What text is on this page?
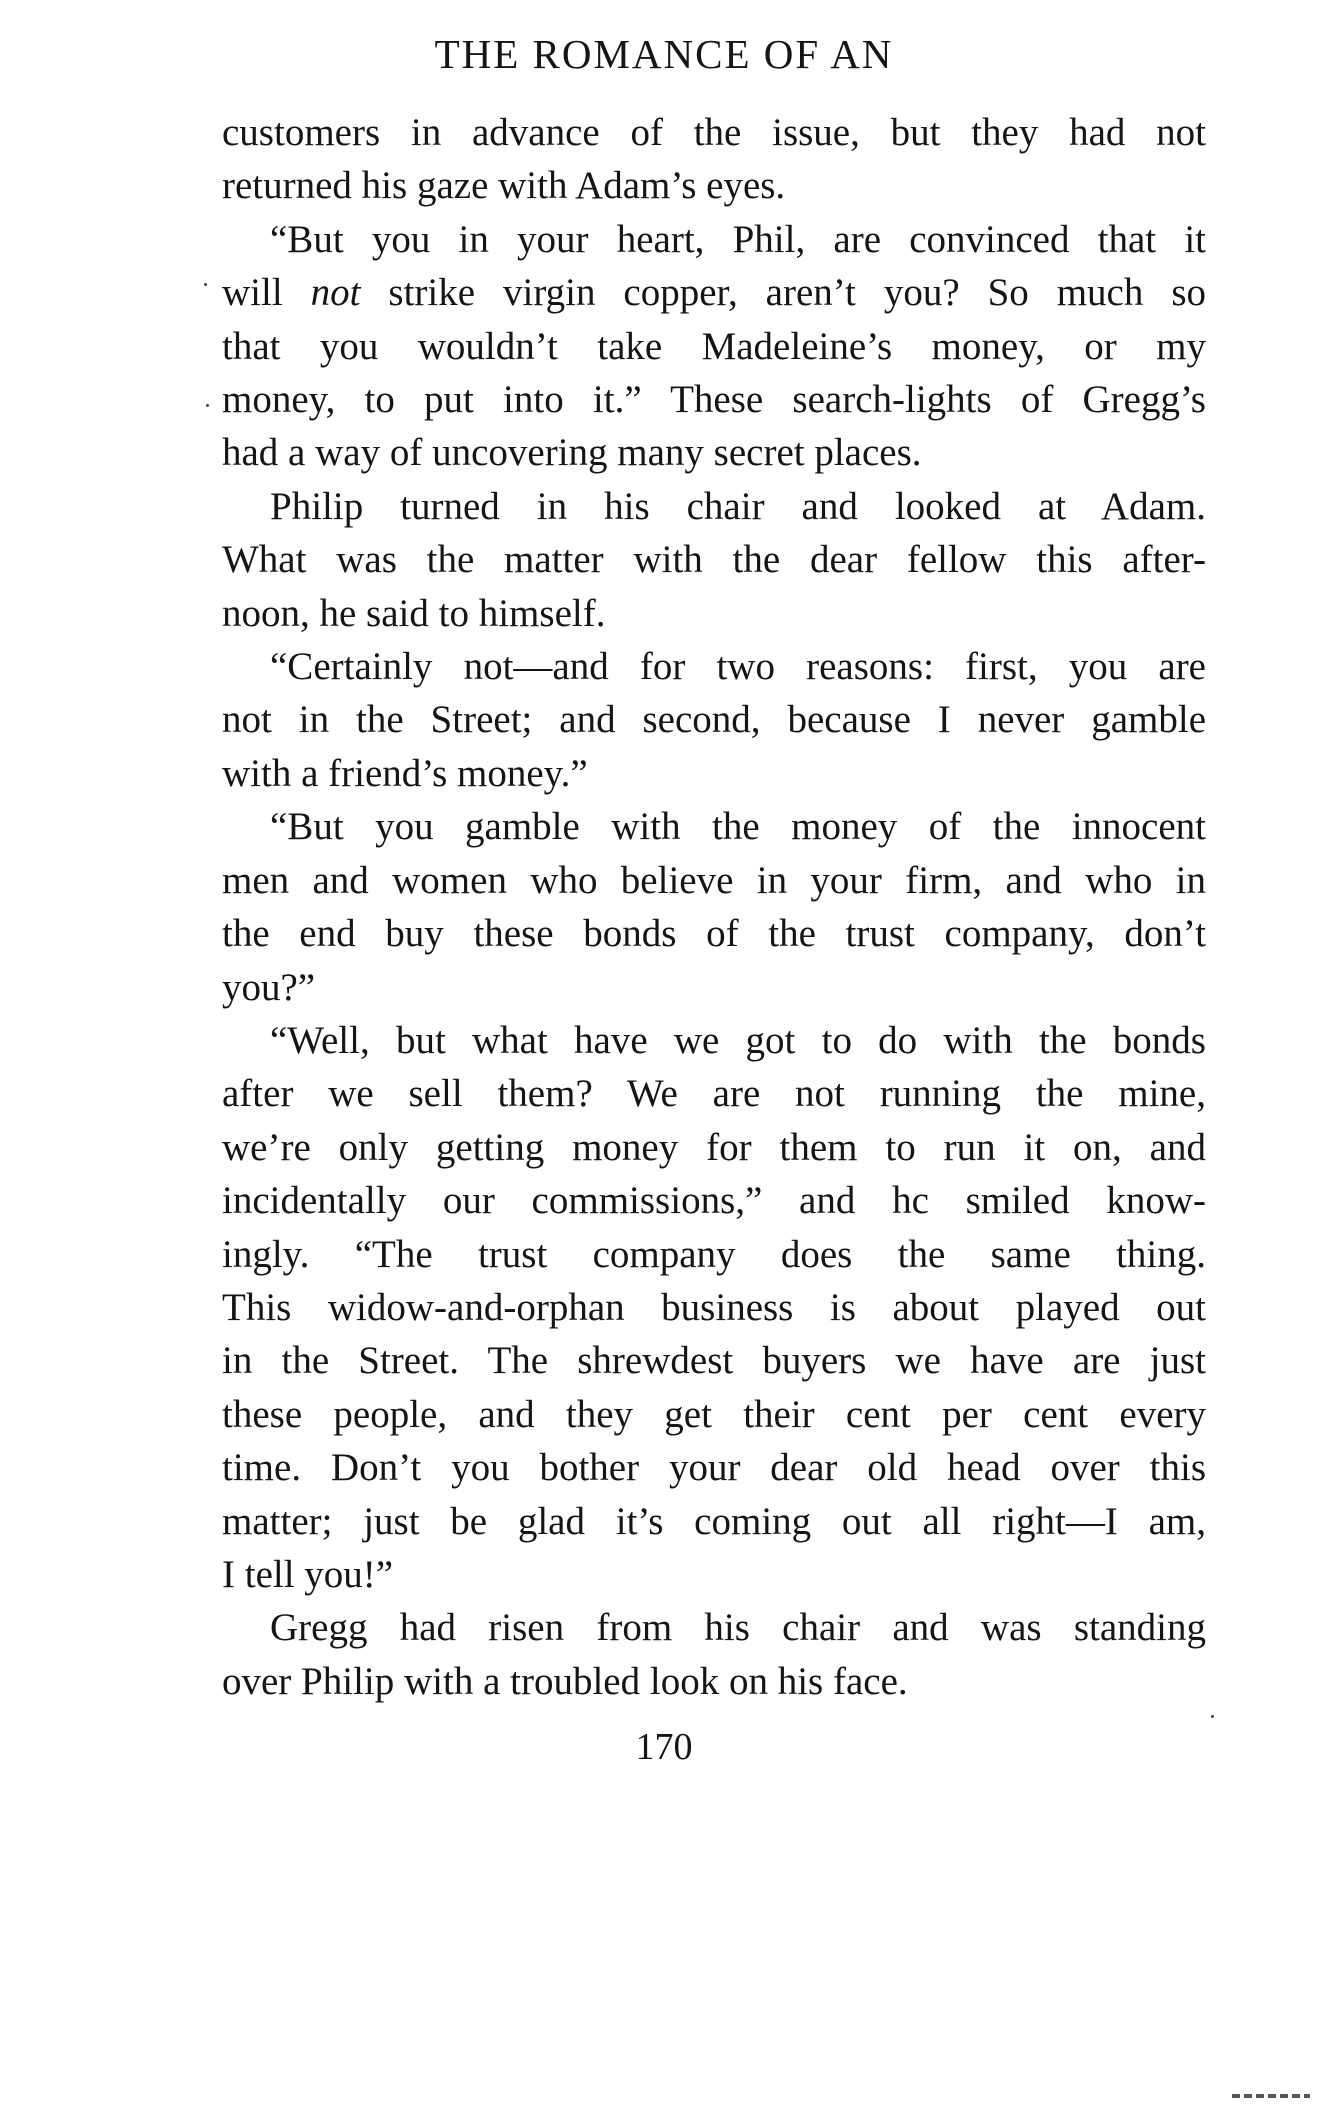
THE ROMANCE OF AN

customers in advance of the issue, but they had not
returned his gaze with Adam’s eyes.

“But you in your heart, Phil, are convinced that it
will not strike virgin copper, aren’t you? So much so
that you wouldn’t take Madeleine’s money, or my
money, to put into it.” These search-lights of Gregg’s
had a way of uncovering many secret places.

Philip turned in his chair and looked at Adam.
What was the matter with the dear fellow this after-
noon, he said to himself.

“Certainly not—and for two reasons: first, you are
not in the Street; and second, because I never gamble
with a friend’s money.”

“But you gamble with the money of the innocent
men and women who believe in your firm, and who in
the end buy these bonds of the trust company, don’t
you?”

“Well, but what have we got to do with the bonds
after we sell them? We are not running the mine,
we’re only getting money for them to run it on, and
incidentally our commissions,” and hc smiled know-
ingly. “The trust company does the same thing.
This widow-and-orphan business is about played out
in the Street. The shrewdest buyers we have are just
these people, and they get their cent per cent every
time. Don’t you bother your dear old head over this
matter; just be glad it’s coming out all right—I am,
I tell you!”

Gregg had risen from his chair and was standing
over Philip with a troubled look on his face.

170
